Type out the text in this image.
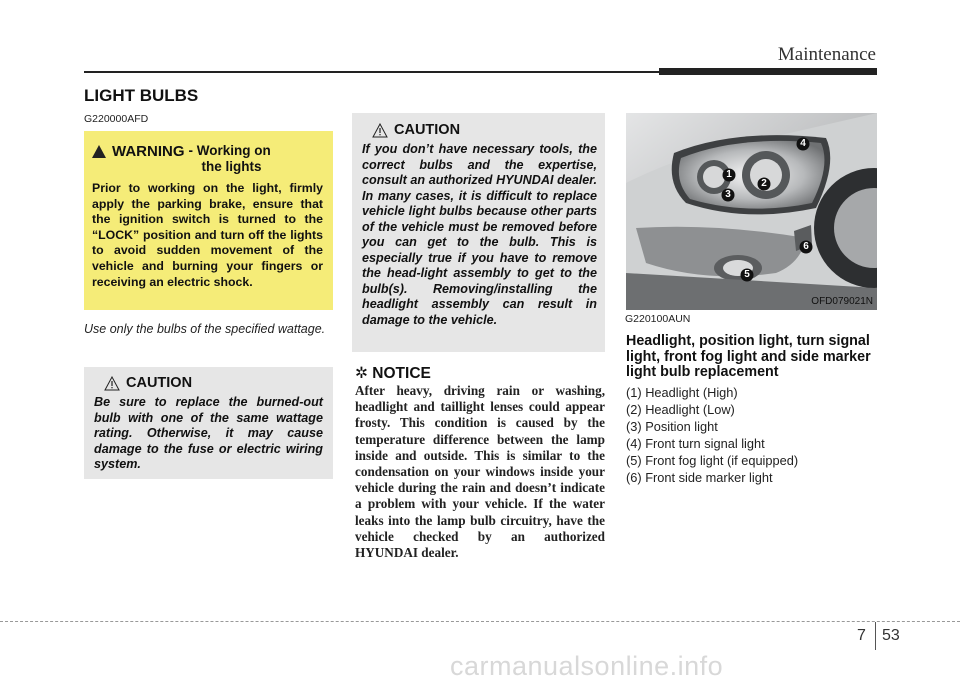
Maintenance
LIGHT BULBS
G220000AFD
WARNING - Working on
the lights
Prior to working on the light, firmly apply the parking brake, ensure that the ignition switch is turned to the “LOCK” position and turn off the lights to avoid sudden movement of the vehicle and burning your fingers or receiving an electric shock.
Use only the bulbs of the specified wattage.
CAUTION
Be sure to replace the burned-out bulb with one of the same wattage rating. Otherwise, it may cause damage to the fuse or electric wiring system.
CAUTION
If you don’t have necessary tools, the correct bulbs and the expertise, consult an authorized HYUNDAI dealer. In many cases, it is difficult to replace vehicle light bulbs because other parts of the vehicle must be removed before you can get to the bulb. This is especially true if you have to remove the head-light assembly to get to the bulb(s). Removing/installing the headlight assembly can result in damage to the vehicle.
✲ NOTICE
After heavy, driving rain or washing, headlight and taillight lenses could appear frosty. This condition is caused by the temperature difference between the lamp inside and outside. This is similar to the condensation on your windows inside your vehicle during the rain and doesn’t indicate a problem with your vehicle. If the water leaks into the lamp bulb circuitry, have the vehicle checked by an authorized HYUNDAI dealer.
1
2
3
4
5
6
OFD079021N
G220100AUN
Headlight, position light, turn signal light, front fog light and side marker light bulb replacement
(1) Headlight (High)
(2) Headlight (Low)
(3) Position light
(4) Front turn signal light
(5) Front fog light (if equipped)
(6) Front side marker light
7 53
carmanualsonline.info
